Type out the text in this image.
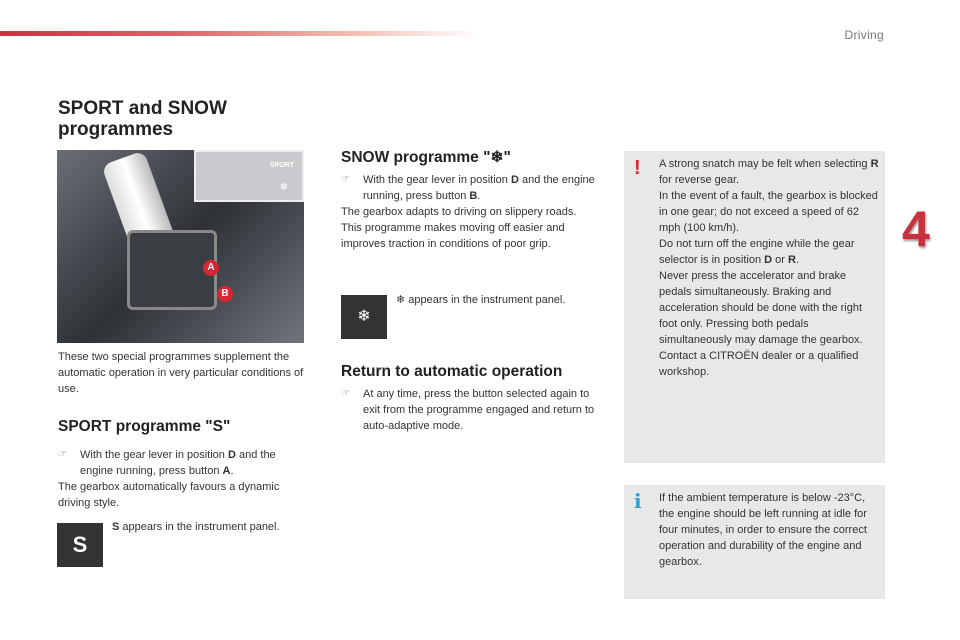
Driving
4
SPORT and SNOW programmes
SPORT
❄
A
B
These two special programmes supplement the automatic operation in very particular conditions of use.
SPORT programme "S"
☞ With the gear lever in position D and the engine running, press button A.
The gearbox automatically favours a dynamic driving style.
S
S appears in the instrument panel.
SNOW programme "❄"
☞ With the gear lever in position D and the engine running, press button B.
The gearbox adapts to driving on slippery roads.
This programme makes moving off easier and improves traction in conditions of poor grip.
❄
❄ appears in the instrument panel.
Return to automatic operation
☞ At any time, press the button selected again to exit from the programme engaged and return to auto-adaptive mode.
! A strong snatch may be felt when selecting R for reverse gear.
In the event of a fault, the gearbox is blocked in one gear; do not exceed a speed of 62 mph (100 km/h).
Do not turn off the engine while the gear selector is in position D or R.
Never press the accelerator and brake pedals simultaneously. Braking and acceleration should be done with the right foot only. Pressing both pedals simultaneously may damage the gearbox.
Contact a CITROËN dealer or a qualified workshop.
i If the ambient temperature is below -23°C, the engine should be left running at idle for four minutes, in order to ensure the correct operation and durability of the engine and gearbox.
